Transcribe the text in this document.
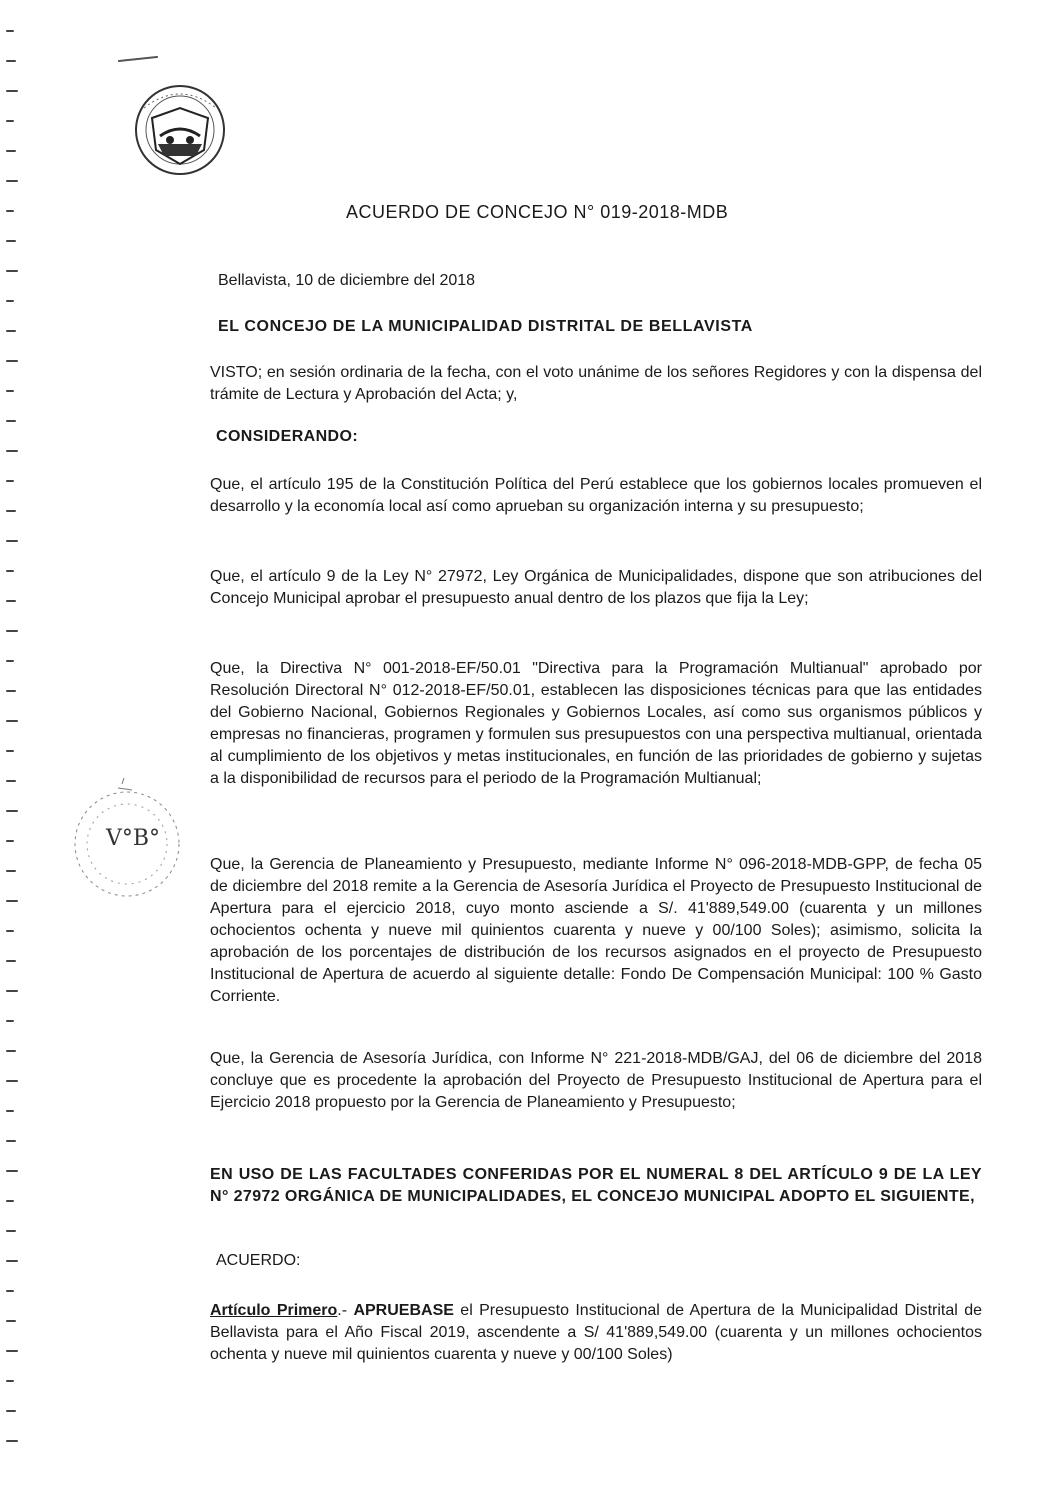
V°B°
ACUERDO DE CONCEJO N° 019-2018-MDB
Bellavista, 10 de diciembre del 2018
EL CONCEJO DE LA MUNICIPALIDAD DISTRITAL DE BELLAVISTA
VISTO; en sesión ordinaria de la fecha, con el voto unánime de los señores Regidores y con la dispensa del trámite de Lectura y Aprobación del Acta; y,
CONSIDERANDO:
Que, el artículo 195 de la Constitución Política del Perú establece que los gobiernos locales promueven el desarrollo y la economía local así como aprueban su organización interna y su presupuesto;
Que, el artículo 9 de la Ley N° 27972, Ley Orgánica de Municipalidades, dispone que son atribuciones del Concejo Municipal aprobar el presupuesto anual dentro de los plazos que fija la Ley;
Que, la Directiva N° 001-2018-EF/50.01 "Directiva para la Programación Multianual" aprobado por Resolución Directoral N° 012-2018-EF/50.01, establecen las disposiciones técnicas para que las entidades del Gobierno Nacional, Gobiernos Regionales y Gobiernos Locales, así como sus organismos públicos y empresas no financieras, programen y formulen sus presupuestos con una perspectiva multianual, orientada al cumplimiento de los objetivos y metas institucionales, en función de las prioridades de gobierno y sujetas a la disponibilidad de recursos para el periodo de la Programación Multianual;
Que, la Gerencia de Planeamiento y Presupuesto, mediante Informe N° 096-2018-MDB-GPP, de fecha 05 de diciembre del 2018 remite a la Gerencia de Asesoría Jurídica el Proyecto de Presupuesto Institucional de Apertura para el ejercicio 2018, cuyo monto asciende a S/. 41'889,549.00 (cuarenta y un millones ochocientos ochenta y nueve mil quinientos cuarenta y nueve y 00/100 Soles); asimismo, solicita la aprobación de los porcentajes de distribución de los recursos asignados en el proyecto de Presupuesto Institucional de Apertura de acuerdo al siguiente detalle: Fondo De Compensación Municipal: 100 % Gasto Corriente.
Que, la Gerencia de Asesoría Jurídica, con Informe N° 221-2018-MDB/GAJ, del 06 de diciembre del 2018 concluye que es procedente la aprobación del Proyecto de Presupuesto Institucional de Apertura para el Ejercicio 2018 propuesto por la Gerencia de Planeamiento y Presupuesto;
EN USO DE LAS FACULTADES CONFERIDAS POR EL NUMERAL 8 DEL ARTÍCULO 9 DE LA LEY N° 27972 ORGÁNICA DE MUNICIPALIDADES, EL CONCEJO MUNICIPAL ADOPTO EL SIGUIENTE,
ACUERDO:
Artículo Primero.- APRUEBASE el Presupuesto Institucional de Apertura de la Municipalidad Distrital de Bellavista para el Año Fiscal 2019, ascendente a S/ 41'889,549.00 (cuarenta y un millones ochocientos ochenta y nueve mil quinientos cuarenta y nueve y 00/100 Soles)
